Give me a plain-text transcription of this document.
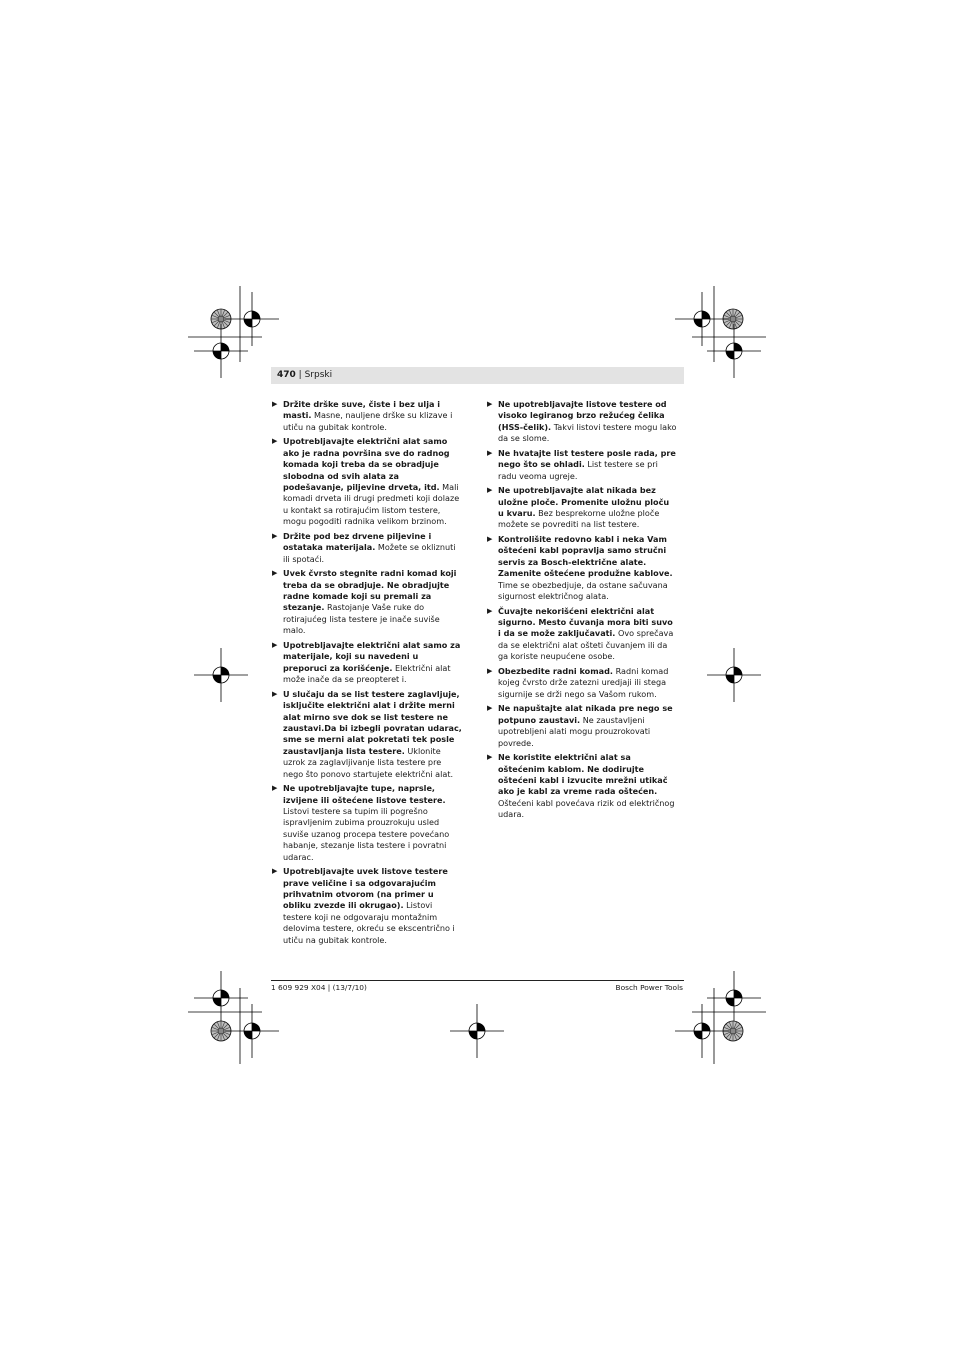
470 | Srpski
▶ Držite drške suve, čiste i bez ulja i masti. Masne, nauljene drške su klizave i utiču na gubitak kontrole.
▶ Upotrebljavajte električni alat samo ako je radna površina sve do radnog komada koji treba da se obradjuje slobodna od svih alata za podešavanje, piljevine drveta, itd. Mali komadi drveta ili drugi predmeti koji dolaze u kontakt sa rotirajućim listom testere, mogu pogoditi radnika velikom brzinom.
▶ Držite pod bez drvene piljevine i ostataka materijala. Možete se okliznuti ili spotaći.
▶ Uvek čvrsto stegnite radni komad koji treba da se obradjuje. Ne obradjujte radne komade koji su premali za stezanje. Rastojanje Vaše ruke do rotirajućeg lista testere je inače suviše malo.
▶ Upotrebljavajte električni alat samo za materijale, koji su navedeni u preporuci za korišćenje. Električni alat može inače da se preopteret i.
▶ U slučaju da se list testere zaglavljuje, isključite električni alat i držite merni alat mirno sve dok se list testere ne zaustavi.Da bi izbegli povratan udarac, sme se merni alat pokretati tek posle zaustavljanja lista testere. Uklonite uzrok za zaglavljivanje lista testere pre nego što ponovo startujete električni alat.
▶ Ne upotrebljavajte tupe, naprsle, izvijene ili oštećene listove testere. Listovi testere sa tupim ili pogrešno ispravljenim zubima prouzrokuju usled suviše uzanog procepa testere povećano habanje, stezanje lista testere i povratni udarac.
▶ Upotrebljavajte uvek listove testere prave veličine i sa odgovarajućim prihvatnim otvorom (na primer u obliku zvezde ili okrugao). Listovi testere koji ne odgovaraju montažnim delovima testere, okreću se ekscentrično i utiču na gubitak kontrole.
▶ Ne upotrebljavajte listove testere od visoko legiranog brzo režućeg čelika (HSS-čelik). Takvi listovi testere mogu lako da se slome.
▶ Ne hvatajte list testere posle rada, pre nego što se ohladi. List testere se pri radu veoma ugreje.
▶ Ne upotrebljavajte alat nikada bez uložne ploče. Promenite uložnu ploču u kvaru. Bez besprekorne uložne ploče možete se povrediti na list testere.
▶ Kontrolišite redovno kabl i neka Vam oštećeni kabl popravlja samo stručni servis za Bosch-električne alate. Zamenite oštećene produžne kablove. Time se obezbedjuje, da ostane sačuvana sigurnost električnog alata.
▶ Čuvajte nekorišćeni električni alat sigurno. Mesto čuvanja mora biti suvo i da se može zaključavati. Ovo sprečava da se električni alat ošteti čuvanjem ili da ga koriste neupućene osobe.
▶ Obezbedite radni komad. Radni komad kojeg čvrsto drže zatezni uredjaji ili stega sigurnije se drži nego sa Vašom rukom.
▶ Ne napuštajte alat nikada pre nego se potpuno zaustavi. Ne zaustavljeni upotrebljeni alati mogu prouzrokovati povrede.
▶ Ne koristite električni alat sa oštećenim kablom. Ne dodirujte oštećeni kabl i izvucite mrežni utikač ako je kabl za vreme rada oštećen. Oštećeni kabl povećava rizik od električnog udara.
1 609 929 X04 | (13/7/10)	Bosch Power Tools
